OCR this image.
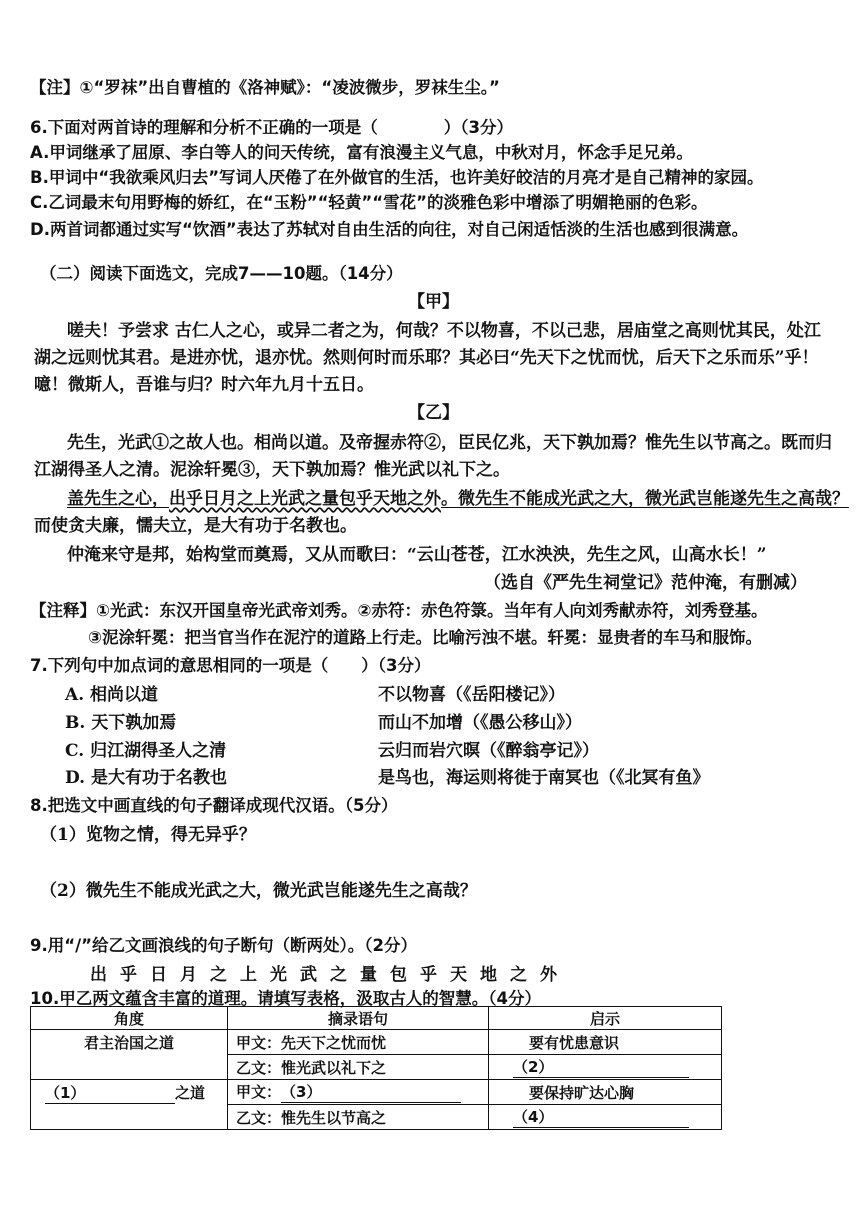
【注】①“罗袜”出自曹植的《洛神赋》：“凌波微步，罗袜生尘。”
6.下面对两首诗的理解和分析不正确的一项是（　　　　）（3分）
A.甲词继承了屈原、李白等人的问天传统，富有浪漫主义气息，中秋对月，怀念手足兄弟。
B.甲词中“我欲乘风归去”写词人厌倦了在外做官的生活，也许美好皎洁的月亮才是自己精神的家园。
C.乙词最末句用野梅的娇红，在“玉粉”“轻黄”“雪花”的淡雅色彩中增添了明媚艳丽的色彩。
D.两首词都通过实写“饮酒”表达了苏轼对自由生活的向往，对自己闲适恬淡的生活也感到很满意。
（二）阅读下面选文，完成7——10题。（14分）
【甲】
嗟夫！予尝求 古仁人之心，或异二者之为，何哉？不以物喜，不以己悲，居庙堂之高则忧其民，处江
湖之远则忧其君。是进亦忧，退亦忧。然则何时而乐耶？其必曰“先天下之忧而忧，后天下之乐而乐”乎！
噫！微斯人，吾谁与归？时六年九月十五日。
【乙】
先生，光武①之故人也。相尚以道。及帝握赤符②，臣民亿兆，天下孰加焉？惟先生以节高之。既而归
江湖得圣人之清。泥涂轩冕③，天下孰加焉？惟光武以礼下之。
盖先生之心，出乎日月之上光武之量包乎天地之外。微先生不能成光武之大，微光武岂能遂先生之高哉？
而使贪夫廉，懦夫立，是大有功于名教也。
仲淹来守是邦，始构堂而奠焉，又从而歌曰：“云山苍苍，江水泱泱，先生之风，山高水长！”
（选自《严先生祠堂记》范仲淹，有删减）
【注释】①光武：东汉开国皇帝光武帝刘秀。②赤符：赤色符箓。当年有人向刘秀献赤符，刘秀登基。
③泥涂轩冕：把当官当作在泥泞的道路上行走。比喻污浊不堪。轩冕：显贵者的车马和服饰。
7.下列句中加点词的意思相同的一项是（　　）（3分）
A. 相尚以道	不以物喜（《岳阳楼记》）
B. 天下孰加焉	而山不加增（《愚公移山》）
C. 归江湖得圣人之清	云归而岩穴暝（《醉翁亭记》）
D. 是大有功于名教也	是鸟也，海运则将徙于南冥也（《北冥有鱼》
8.把选文中画直线的句子翻译成现代汉语。（5分）
（1）览物之情，得无异乎？
（2）微先生不能成光武之大，微光武岂能遂先生之高哉？
9.用“/”给乙文画浪线的句子断句（断两处）。（2分）
出乎日月之上光武之量包乎天地之外
10.甲乙两文蕴含丰富的道理。请填写表格，汲取古人的智慧。（4分）
角度	摘录语句	启示
君主治国之道	甲文：先天下之忧而忧	要有忧患意识
	乙文：惟光武以礼下之	（2）
（1） 之道	甲文：（3）	要保持旷达心胸
	乙文：惟先生以节高之	（4）
